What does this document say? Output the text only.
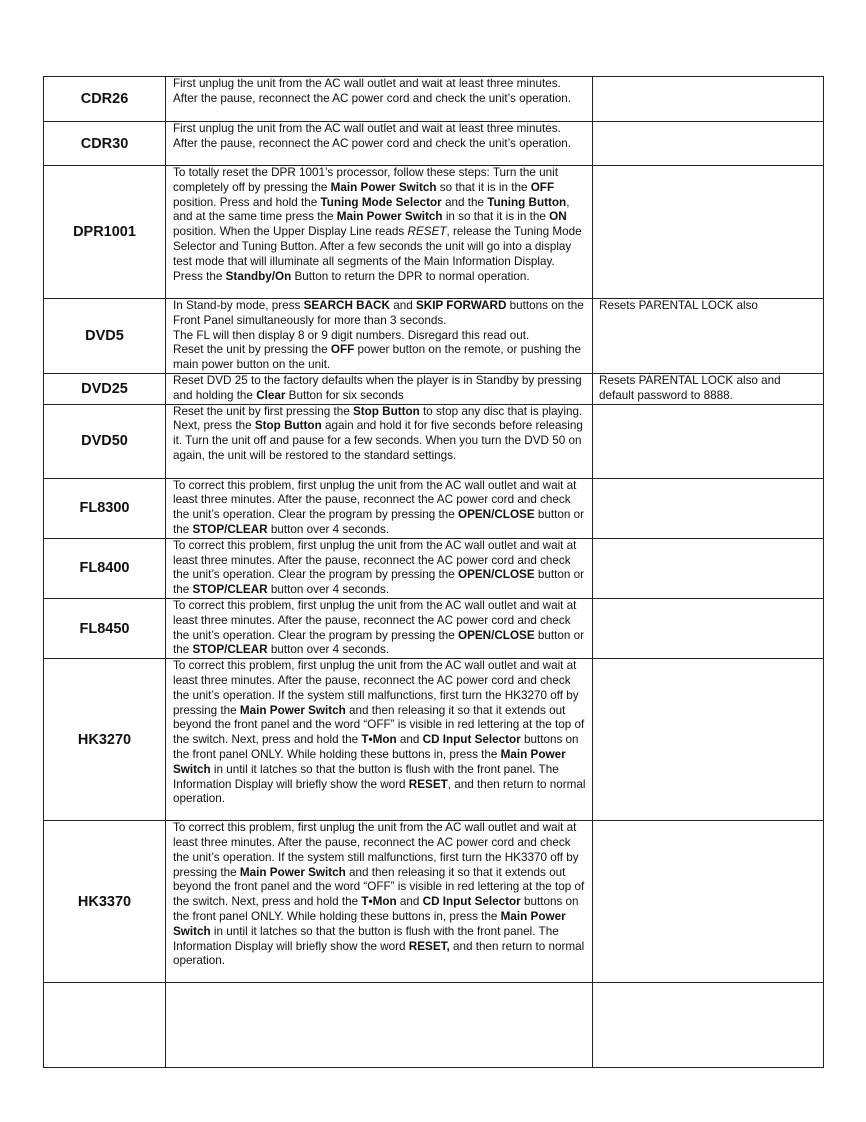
CDR26	First unplug the unit from the AC wall outlet and wait at least three minutes. After the pause, reconnect the AC power cord and check the unit’s operation.	
CDR30	First unplug the unit from the AC wall outlet and wait at least three minutes. After the pause, reconnect the AC power cord and check the unit’s operation.	
DPR1001	To totally reset the DPR 1001’s processor, follow these steps: Turn the unit completely off by pressing the Main Power Switch so that it is in the OFF position. Press and hold the Tuning Mode Selector and the Tuning Button, and at the same time press the Main Power Switch in so that it is in the ON position. When the Upper Display Line reads RESET, release the Tuning Mode Selector and Tuning Button. After a few seconds the unit will go into a display test mode that will illuminate all segments of the Main Information Display. Press the Standby/On Button to return the DPR to normal operation.	
DVD5	In Stand-by mode, press SEARCH BACK and SKIP FORWARD buttons on the Front Panel simultaneously for more than 3 seconds.
The FL will then display 8 or 9 digit numbers. Disregard this read out.
Reset the unit by pressing the OFF power button on the remote, or pushing the main power button on the unit.	Resets PARENTAL LOCK also
DVD25	Reset DVD 25 to the factory defaults when the player is in Standby by pressing and holding the Clear Button for six seconds	Resets PARENTAL LOCK also and default password to 8888.
DVD50	Reset the unit by first pressing the Stop Button to stop any disc that is playing. Next, press the Stop Button again and hold it for five seconds before releasing it. Turn the unit off and pause for a few seconds. When you turn the DVD 50 on again, the unit will be restored to the standard settings.	
FL8300	To correct this problem, first unplug the unit from the AC wall outlet and wait at least three minutes. After the pause, reconnect the AC power cord and check the unit’s operation. Clear the program by pressing the OPEN/CLOSE button or the STOP/CLEAR button over 4 seconds.	
FL8400	To correct this problem, first unplug the unit from the AC wall outlet and wait at least three minutes. After the pause, reconnect the AC power cord and check the unit’s operation. Clear the program by pressing the OPEN/CLOSE button or the STOP/CLEAR button over 4 seconds.	
FL8450	To correct this problem, first unplug the unit from the AC wall outlet and wait at least three minutes. After the pause, reconnect the AC power cord and check the unit’s operation. Clear the program by pressing the OPEN/CLOSE button or the STOP/CLEAR button over 4 seconds.	
HK3270	To correct this problem, first unplug the unit from the AC wall outlet and wait at least three minutes. After the pause, reconnect the AC power cord and check the unit’s operation. If the system still malfunctions, first turn the HK3270 off by pressing the Main Power Switch and then releasing it so that it extends out beyond the front panel and the word “OFF” is visible in red lettering at the top of the switch. Next, press and hold the T•Mon and CD Input Selector buttons on the front panel ONLY. While holding these buttons in, press the Main Power Switch in until it latches so that the button is flush with the front panel. The Information Display will briefly show the word RESET, and then return to normal operation.	
HK3370	To correct this problem, first unplug the unit from the AC wall outlet and wait at least three minutes. After the pause, reconnect the AC power cord and check the unit’s operation. If the system still malfunctions, first turn the HK3370 off by pressing the Main Power Switch and then releasing it so that it extends out beyond the front panel and the word “OFF” is visible in red lettering at the top of the switch. Next, press and hold the T•Mon and CD Input Selector buttons on the front panel ONLY. While holding these buttons in, press the Main Power Switch in until it latches so that the button is flush with the front panel. The Information Display will briefly show the word RESET, and then return to normal operation.	
